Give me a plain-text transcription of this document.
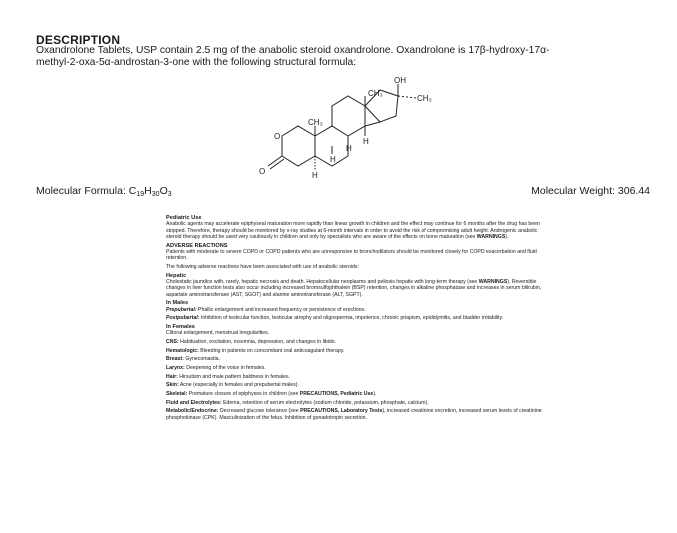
DESCRIPTION
Oxandrolone Tablets, USP contain 2.5 mg of the anabolic steroid oxandrolone. Oxandrolone is 17β-hydroxy-17α-
methyl-2-oxa-5α-androstan-3-one with the following structural formula:
OH
CH₃
CH₃
CH₃
H
H
H
H
O
O
Molecular Formula: $C_{19}H_{30}O_3$	Molecular Weight: 306.44
Pediatric Use

Anabolic agents may accelerate epiphyseal maturation more rapidly than linear growth in children and the effect may continue for 6 months after the drug has been stopped. Therefore, therapy should be monitored by x-ray studies at 6-month intervals in order to avoid the risk of compromising adult height. Androgenic anabolic steroid therapy should be used very cautiously in children and only by specialists who are aware of the effects on bone maturation (see WARNINGS).

ADVERSE REACTIONS

Patients with moderate to severe COPD or COPD patients who are unresponsive to bronchodilators should be monitored closely for COPD exacerbation and fluid retention.

The following adverse reactions have been associated with use of anabolic steroids:

Hepatic

Cholestatic jaundice with, rarely, hepatic necrosis and death. Hepatocellular neoplasms and peliosis hepatis with long-term therapy (see WARNINGS). Reversible changes in liver function tests also occur including increased bromsulfophthalein (BSP) retention, changes in alkaline phosphatase and increases in serum bilirubin, aspartate aminotransferase (AST, SGOT) and alanine aminotransferase (ALT, SGPT).

In Males

Prepubertal: Phallic enlargement and increased frequency or persistence of erections.

Postpubertal: Inhibition of testicular function, testicular atrophy and oligospermia, impotence, chronic priapism, epididymitis, and bladder irritability.

In Females

Clitoral enlargement, menstrual irregularities.

CNS: Habituation, excitation, insomnia, depression, and changes in libido.

Hematologic: Bleeding in patients on concomitant oral anticoagulant therapy.

Breast: Gynecomastia.

Larynx: Deepening of the voice in females.

Hair: Hirsutism and male pattern baldness in females.

Skin: Acne (especially in females and prepubertal males).

Skeletal: Premature closure of epiphyses in children (see PRECAUTIONS, Pediatric Use).

Fluid and Electrolytes: Edema, retention of serum electrolytes (sodium chloride, potassium, phosphate, calcium).

Metabolic/Endocrine: Decreased glucose tolerance (see PRECAUTIONS, Laboratory Tests), increased creatinine excretion, increased serum levels of creatinine phosphokinase (CPK). Masculinization of the fetus. Inhibition of gonadotropin secretion.
